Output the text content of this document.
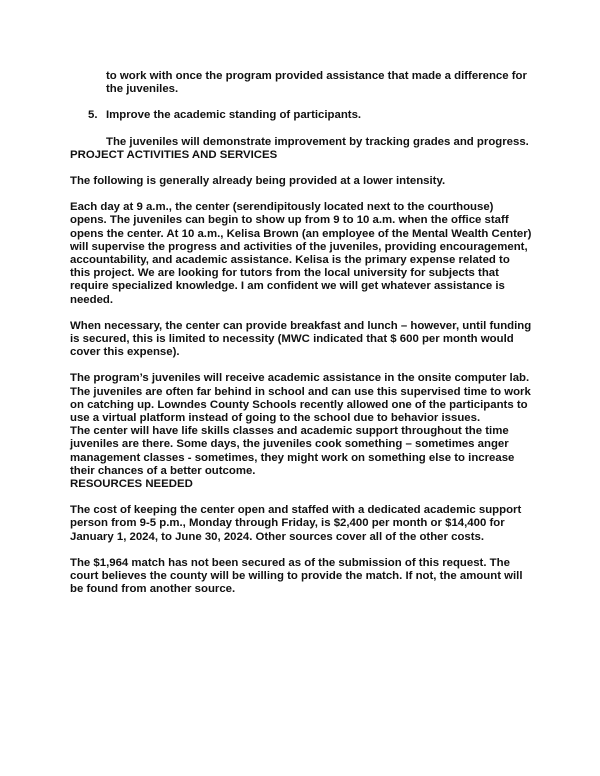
to work with once the program provided assistance that made a difference for the juveniles.

5. Improve the academic standing of participants.

The juveniles will demonstrate improvement by tracking grades and progress.

PROJECT ACTIVITIES AND SERVICES

The following is generally already being provided at a lower intensity.

Each day at 9 a.m., the center (serendipitously located next to the courthouse) opens. The juveniles can begin to show up from 9 to 10 a.m. when the office staff opens the center. At 10 a.m., Kelisa Brown (an employee of the Mental Wealth Center) will supervise the progress and activities of the juveniles, providing encouragement, accountability, and academic assistance. Kelisa is the primary expense related to this project. We are looking for tutors from the local university for subjects that require specialized knowledge. I am confident we will get whatever assistance is needed.

When necessary, the center can provide breakfast and lunch – however, until funding is secured, this is limited to necessity (MWC indicated that $ 600 per month would cover this expense).

The program’s juveniles will receive academic assistance in the onsite computer lab. The juveniles are often far behind in school and can use this supervised time to work on catching up. Lowndes County Schools recently allowed one of the participants to use a virtual platform instead of going to the school due to behavior issues.

The center will have life skills classes and academic support throughout the time juveniles are there. Some days, the juveniles cook something – sometimes anger management classes - sometimes, they might work on something else to increase their chances of a better outcome.

RESOURCES NEEDED

The cost of keeping the center open and staffed with a dedicated academic support person from 9-5 p.m., Monday through Friday, is $2,400 per month or $14,400 for January 1, 2024, to June 30, 2024. Other sources cover all of the other costs.

The $1,964 match has not been secured as of the submission of this request. The court believes the county will be willing to provide the match. If not, the amount will be found from another source.
